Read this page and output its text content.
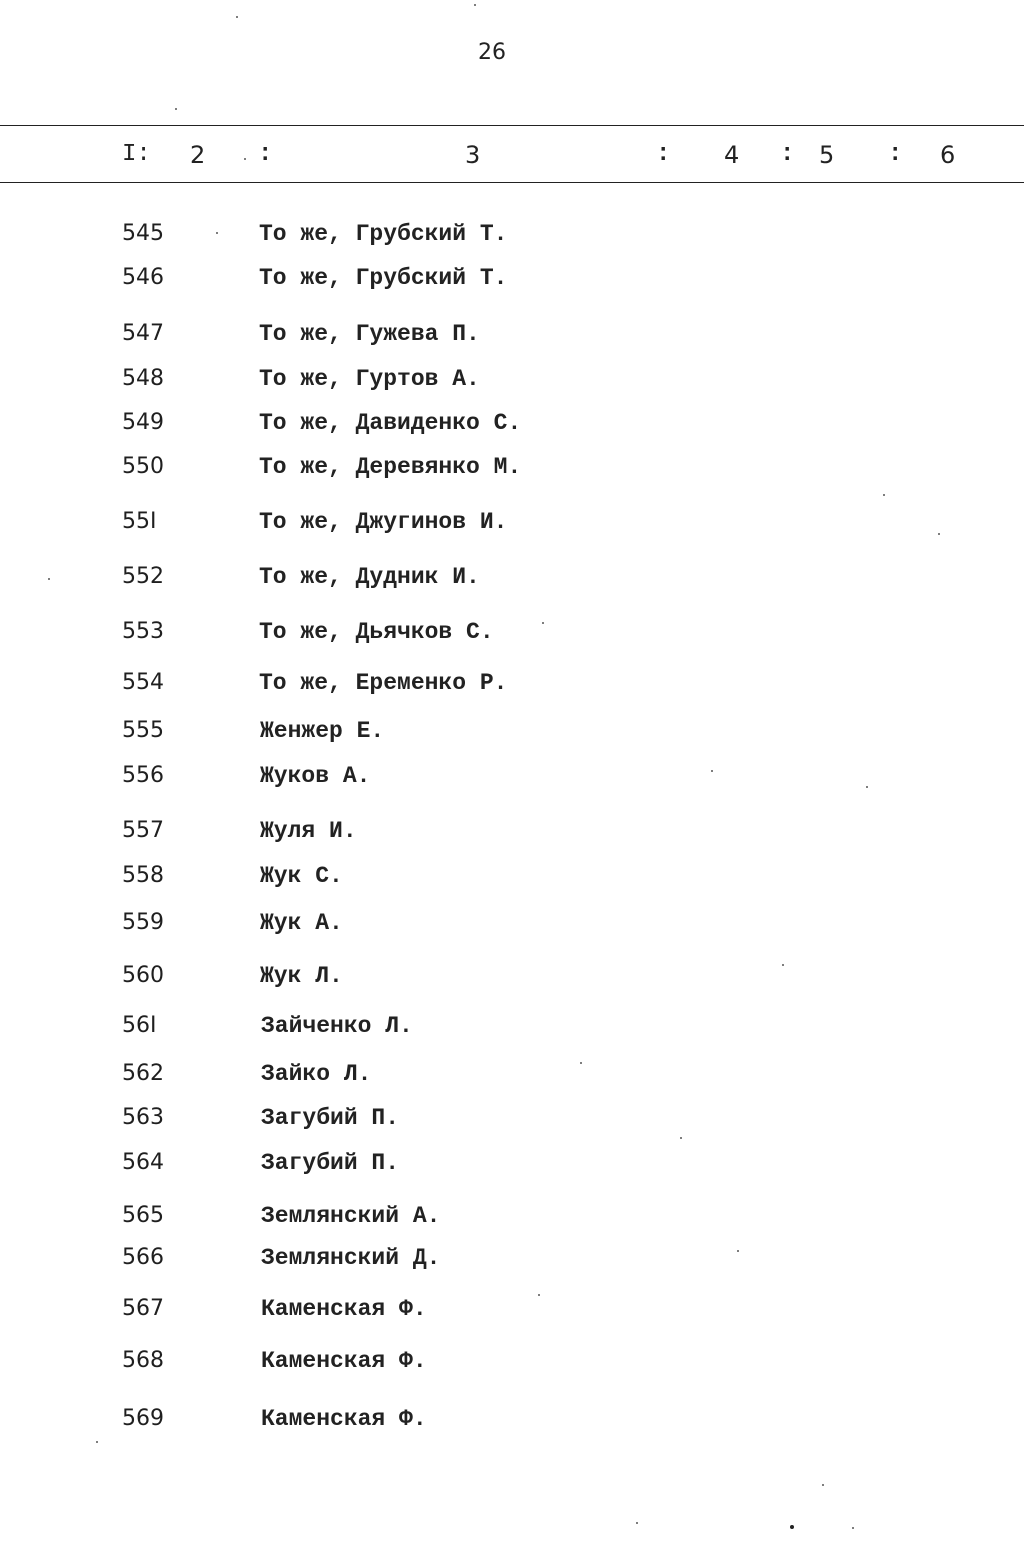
26
I: 2 :	3	: 4 : 5 : 6
545	То же, Грубский Т.
546	То же, Грубский Т.
547	То же, Гужева П.
548	То же, Гуртов А.
549	То же, Давиденко С.
550	То же, Деревянко М.
55I	То же, Джугинов И.
552	То же, Дудник И.
553	То же, Дьячков С.
554	То же, Еременко Р.
555	Женжер Е.
556	Жуков А.
557	Жуля И.
558	Жук С.
559	Жук А.
560	Жук Л.
56I	Зайченко Л.
562	Зайко Л.
563	Загубий П.
564	Загубий П.
565	Землянский А.
566	Землянский Д.
567	Каменская Ф.
568	Каменская Ф.
569	Каменская Ф.
